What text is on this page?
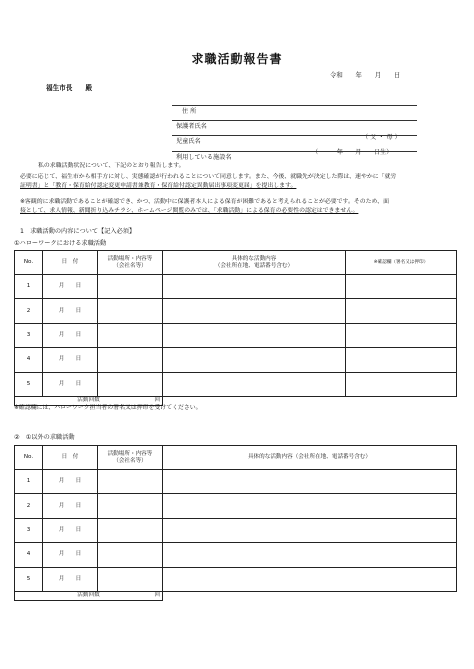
求職活動報告書
令和　　年　　月　　日
福生市長　　殿

住 所

保護者氏名

（ 父 ・ 母 ）

児童氏名

（　　　年　　月　　日生）

利用している施設名

私の求職活動状況について、下記のとおり報告します。
必要に応じて、福生市から相手方に対し、実態確認が行われることについて同意します。また、今後、就職先が決定した際は、速やかに「就労
証明書」と「教育・保育給付認定変更申請書兼教育・保育給付認定異動届出事項変更届」を提出します。
※客観的に求職活動であることが確認でき、かつ、活動中に保護者本人による保育が困難であると考えられることが必要です。そのため、面
接として、求人情報、新聞折り込みチラシ、ホームページ閲覧のみでは、「求職活動」による保育の必要性の認定はできません。
1　求職活動の内容について【記入必須】
①ハローワークにおける求職活動
No.	日　付	活動場所・内容等
（会社名等）	具体的な活動内容
（会社所在地、電話番号含む）	※確認欄（署名又は押印）
1	月　　日			
2	月　　日			
3	月　　日			
4	月　　日			
5	月　　日			

活動回数 回				

※確認欄には、ハローワーク担当者の署名又は押印を受けてください。
②　①以外の求職活動
No.	日　付	活動場所・内容等
（会社名等）	具体的な活動内容（会社所在地、電話番号含む）
1	月　　日		
2	月　　日		
3	月　　日		
4	月　　日		
5	月　　日		

活動回数 回			
